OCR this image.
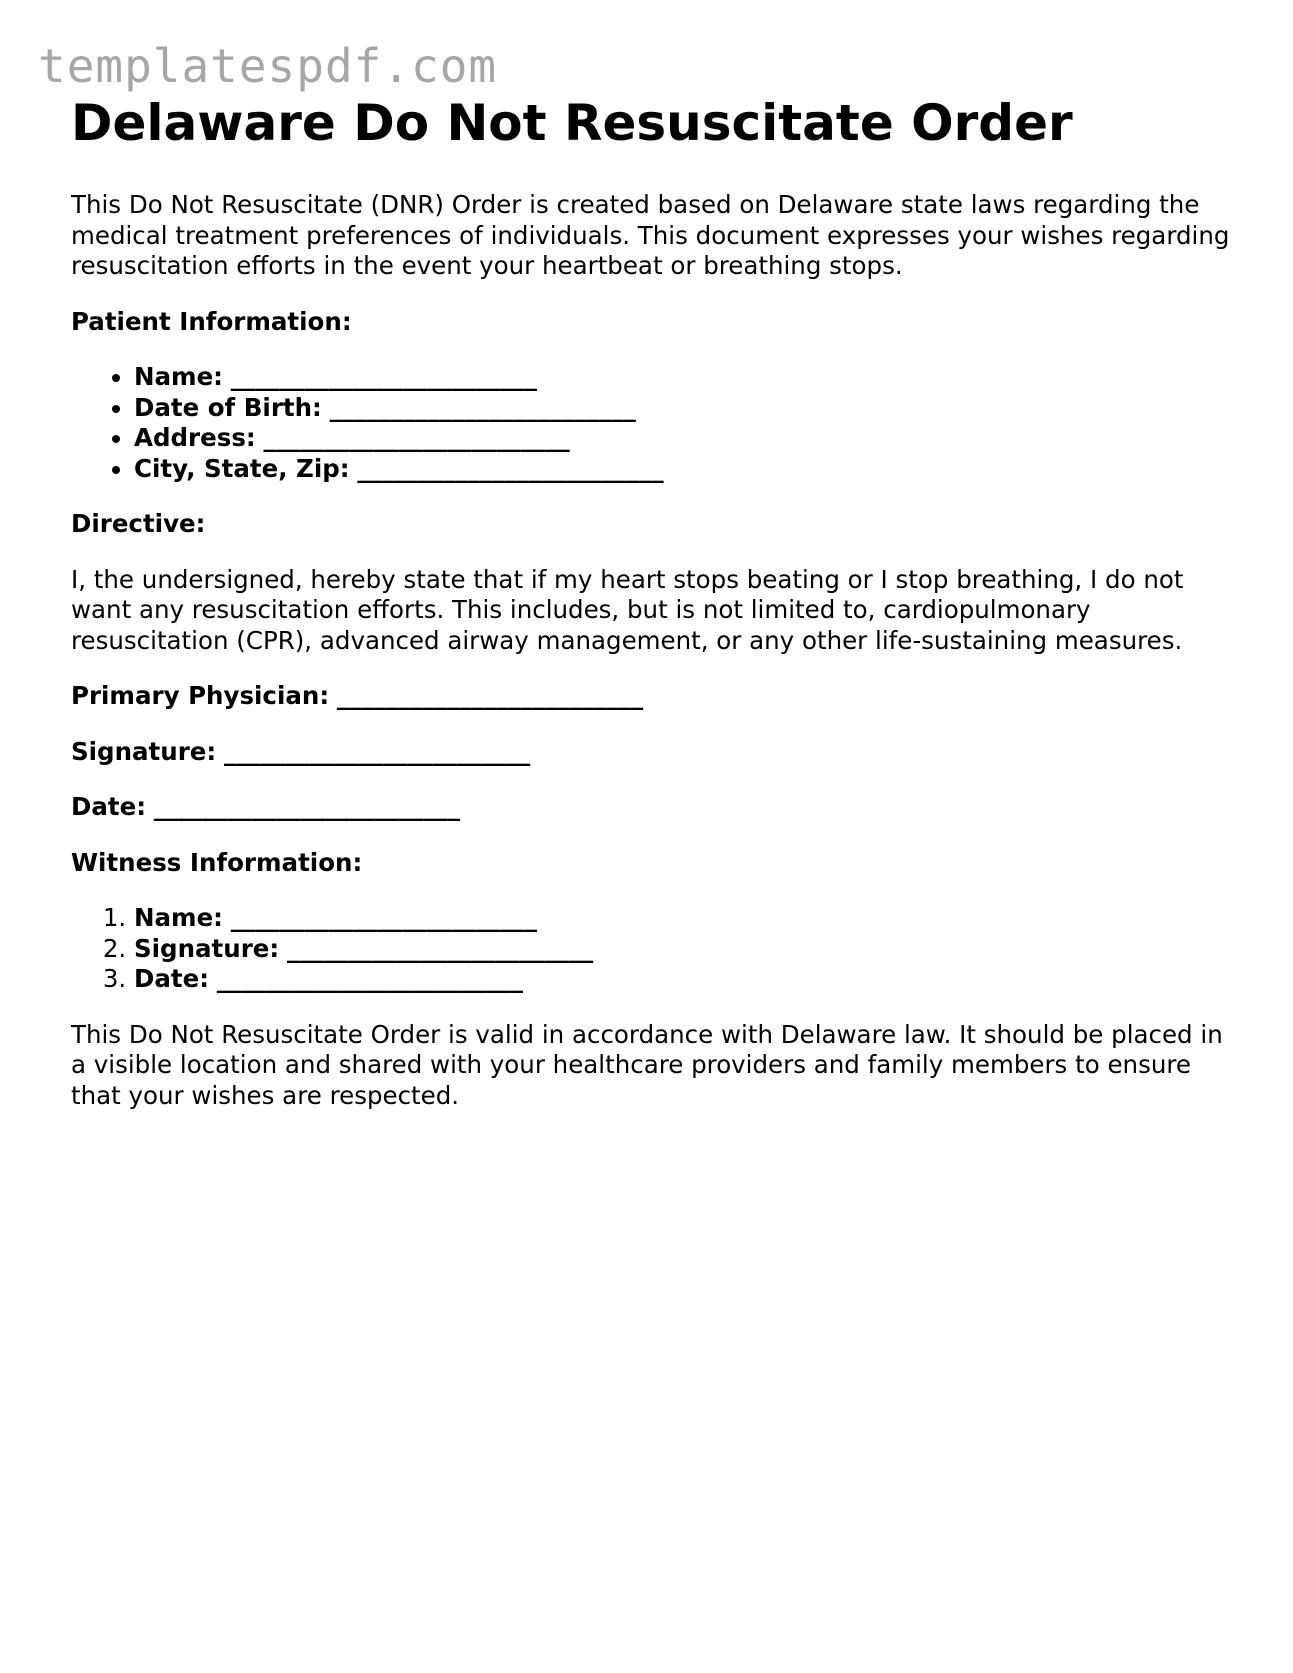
templatespdf.com
Delaware Do Not Resuscitate Order

This Do Not Resuscitate (DNR) Order is created based on Delaware state laws regarding the medical treatment preferences of individuals. This document expresses your wishes regarding resuscitation efforts in the event your heartbeat or breathing stops.

Patient Information:

• Name: _________________________
• Date of Birth: _________________________
• Address: _________________________
• City, State, Zip: _________________________

Directive:

I, the undersigned, hereby state that if my heart stops beating or I stop breathing, I do not want any resuscitation efforts. This includes, but is not limited to, cardiopulmonary resuscitation (CPR), advanced airway management, or any other life-sustaining measures.

Primary Physician: _________________________

Signature: _________________________

Date: _________________________

Witness Information:

1. Name: _________________________
2. Signature: _________________________
3. Date: _________________________

This Do Not Resuscitate Order is valid in accordance with Delaware law. It should be placed in a visible location and shared with your healthcare providers and family members to ensure that your wishes are respected.
